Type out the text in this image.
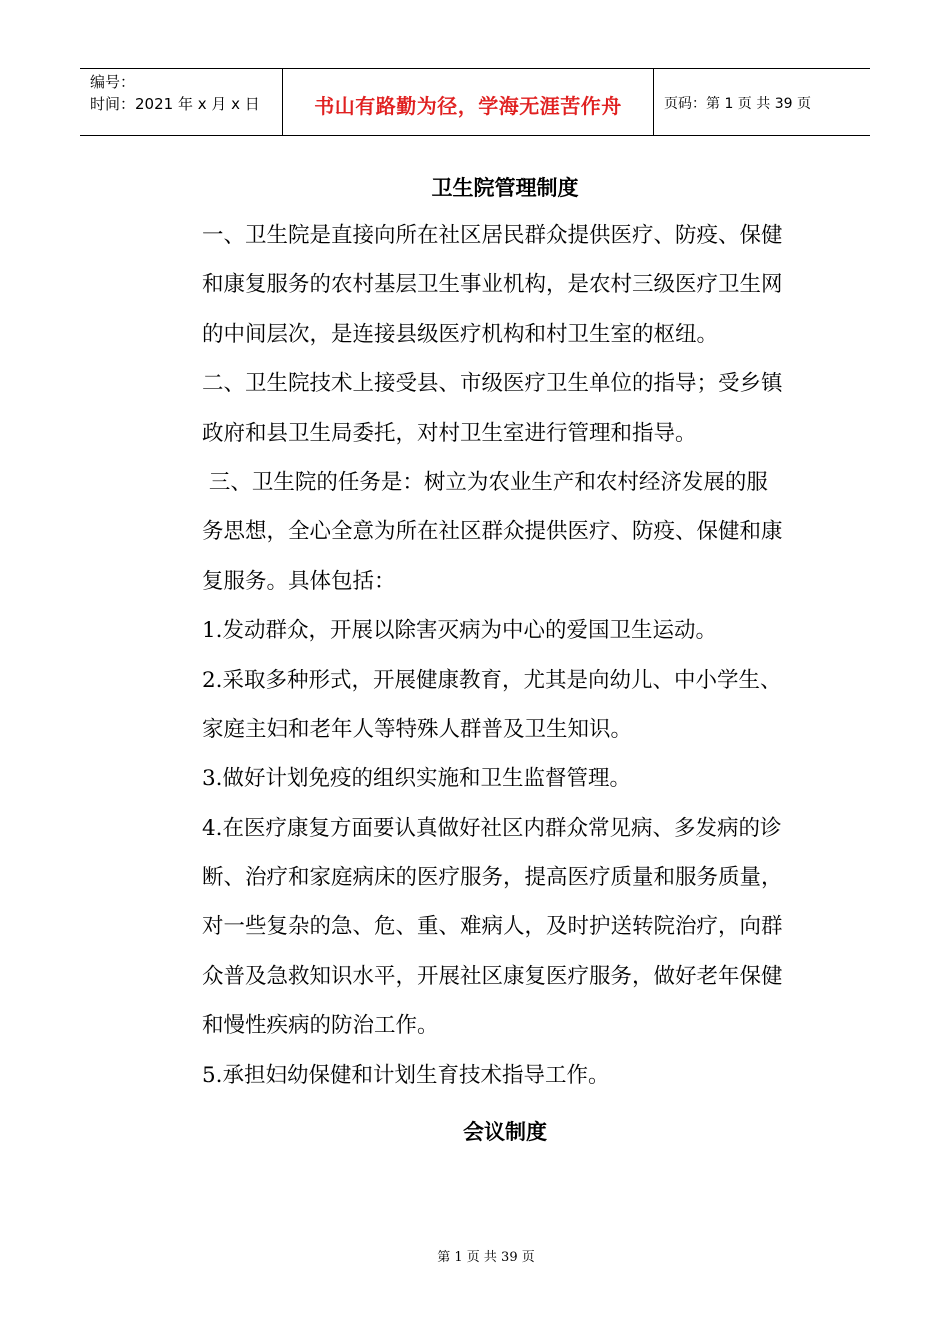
编号：
时间：2021 年 x 月 x 日	书山有路勤为径，学海无涯苦作舟	页码：第 1 页 共 39 页
卫生院管理制度
一、卫生院是直接向所在社区居民群众提供医疗、防疫、保健
和康复服务的农村基层卫生事业机构，是农村三级医疗卫生网
的中间层次，是连接县级医疗机构和村卫生室的枢纽。
二、卫生院技术上接受县、市级医疗卫生单位的指导；受乡镇
政府和县卫生局委托，对村卫生室进行管理和指导。
三、卫生院的任务是：树立为农业生产和农村经济发展的服
务思想，全心全意为所在社区群众提供医疗、防疫、保健和康
复服务。具体包括：
1.发动群众，开展以除害灭病为中心的爱国卫生运动。
2.采取多种形式，开展健康教育，尤其是向幼儿、中小学生、
家庭主妇和老年人等特殊人群普及卫生知识。
3.做好计划免疫的组织实施和卫生监督管理。
4.在医疗康复方面要认真做好社区内群众常见病、多发病的诊
断、治疗和家庭病床的医疗服务，提高医疗质量和服务质量，
对一些复杂的急、危、重、难病人，及时护送转院治疗，向群
众普及急救知识水平，开展社区康复医疗服务，做好老年保健
和慢性疾病的防治工作。
5.承担妇幼保健和计划生育技术指导工作。
会议制度
第 1 页 共 39 页
